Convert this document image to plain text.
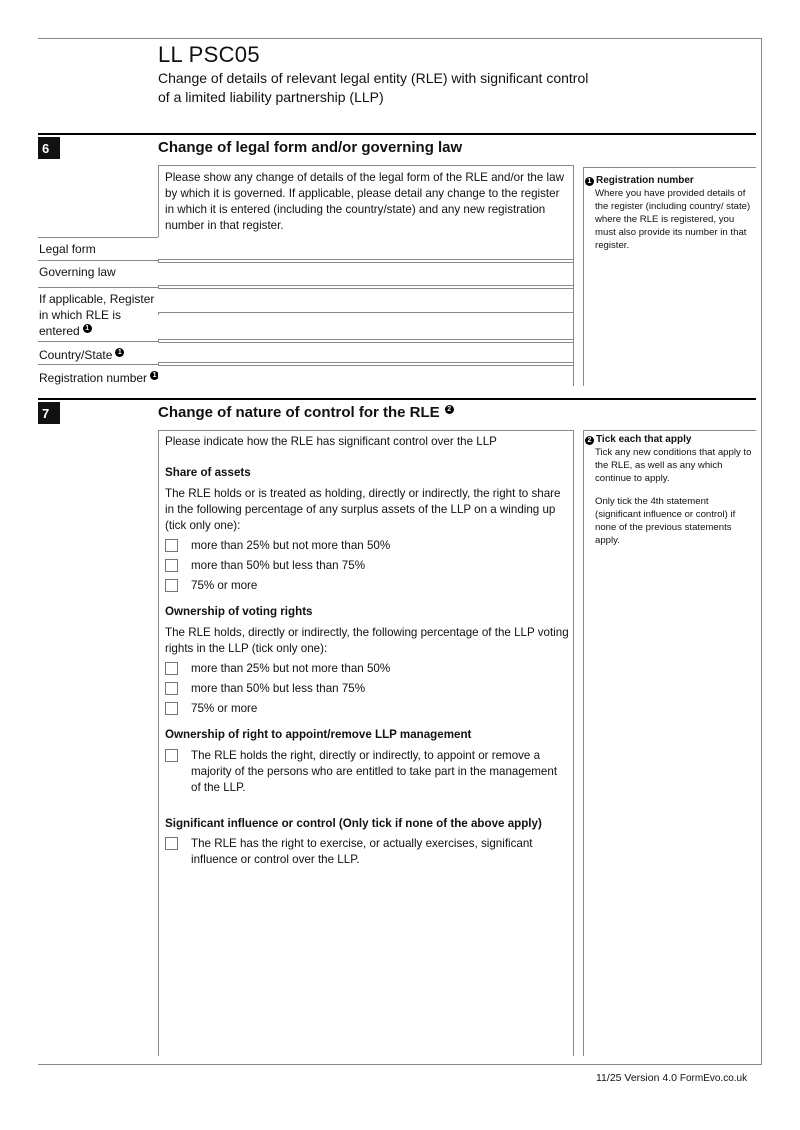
LL PSC05
Change of details of relevant legal entity (RLE) with significant control
of a limited liability partnership (LLP)
6	Change of legal form and/or governing law
Please show any change of details of the legal form of the RLE and/or the law by which it is governed. If applicable, please detail any change to the register in which it is entered (including the country/state) and any new registration number in that register.
Legal form
Governing law
If applicable, Register
in which RLE is
entered 1
Country/State 1
Registration number 1
1 Registration number
Where you have provided details of the register (including country/ state) where the RLE is registered, you must also provide its number in that register.
7	Change of nature of control for the RLE 2
Please indicate how the RLE has significant control over the LLP
Share of assets
The RLE holds or is treated as holding, directly or indirectly, the right to share in the following percentage of any surplus assets of the LLP on a winding up (tick only one):
more than 25% but not more than 50%
more than 50% but less than 75%
75% or more
Ownership of voting rights
The RLE holds, directly or indirectly, the following percentage of the LLP voting rights in the LLP (tick only one):
more than 25% but not more than 50%
more than 50% but less than 75%
75% or more
Ownership of right to appoint/remove LLP management
The RLE holds the right, directly or indirectly, to appoint or remove a majority of the persons who are entitled to take part in the management of the LLP.
Significant influence or control (Only tick if none of the above apply)
The RLE has the right to exercise, or actually exercises, significant influence or control over the LLP.
2 Tick each that apply
Tick any new conditions that apply to the RLE, as well as any which continue to apply.
Only tick the 4th statement (significant influence or control) if none of the previous statements apply.
11/25 Version 4.0 FormEvo.co.uk
